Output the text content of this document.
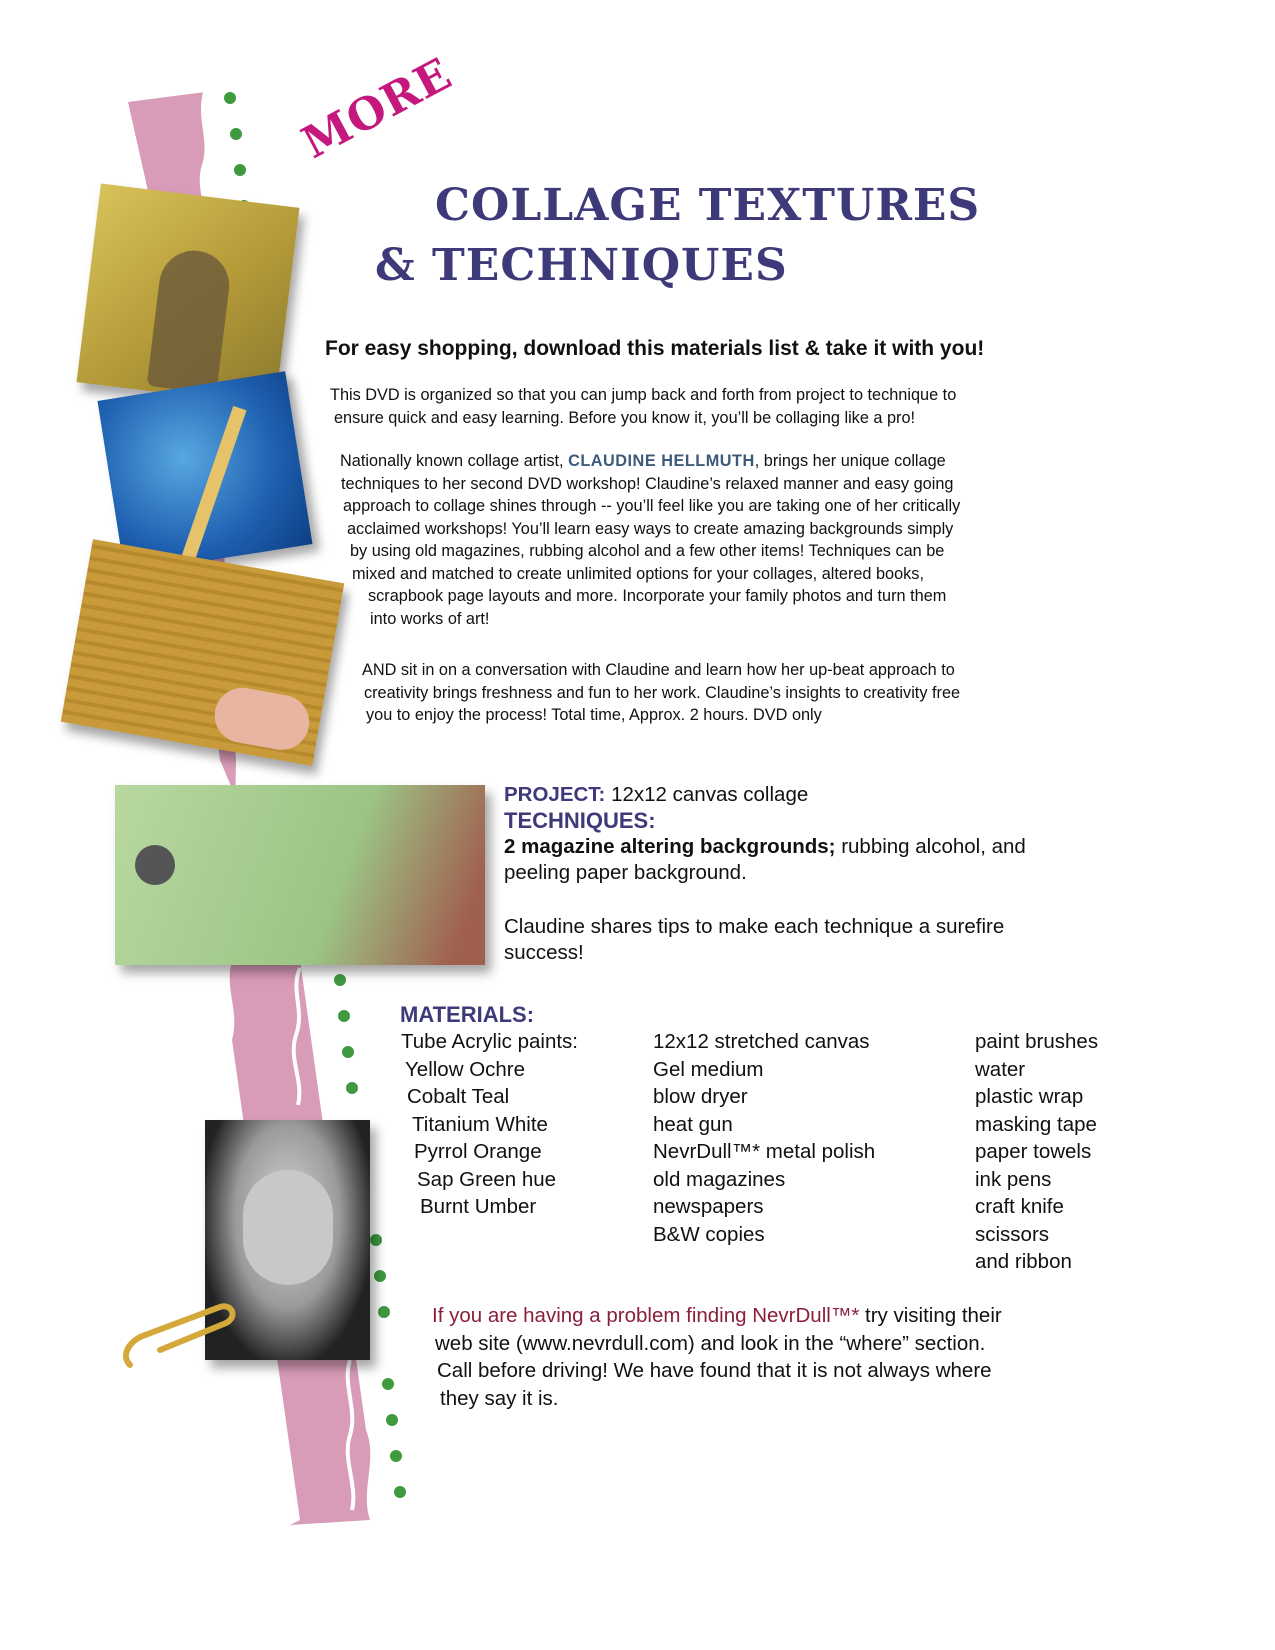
MORE
COLLAGE TEXTURES
& TECHNIQUES
For easy shopping, download this materials list & take it with you!
This DVD is organized so that you can jump back and forth from project to technique to
ensure quick and easy learning. Before you know it, you’ll be collaging like a pro!
Nationally known collage artist, CLAUDINE HELLMUTH, brings her unique collage
techniques to her second DVD workshop! Claudine’s relaxed manner and easy going
approach to collage shines through -- you’ll feel like you are taking one of her critically
acclaimed workshops! You’ll learn easy ways to create amazing backgrounds simply
by using old magazines, rubbing alcohol and a few other items! Techniques can be
mixed and matched to create unlimited options for your collages, altered books,
scrapbook page layouts and more. Incorporate your family photos and turn them
into works of art!
AND sit in on a conversation with Claudine and learn how her up-beat approach to
creativity brings freshness and fun to her work. Claudine’s insights to creativity free
you to enjoy the process! Total time, Approx. 2 hours. DVD only
PROJECT: 12x12 canvas collage
TECHNIQUES:
2 magazine altering backgrounds; rubbing alcohol, and
peeling paper background.
Claudine shares tips to make each technique a surefire
success!
MATERIALS:
Tube Acrylic paints:
Yellow Ochre
Cobalt Teal
Titanium White
Pyrrol Orange
Sap Green hue
Burnt Umber
12x12 stretched canvas
Gel medium
blow dryer
heat gun
NevrDull™* metal polish
old magazines
newspapers
B&W copies
paint brushes
water
plastic wrap
masking tape
paper towels
ink pens
craft knife
scissors
and ribbon
If you are having a problem finding NevrDull™* try visiting their
web site (www.nevrdull.com) and look in the “where” section.
Call before driving! We have found that it is not always where
they say it is.
